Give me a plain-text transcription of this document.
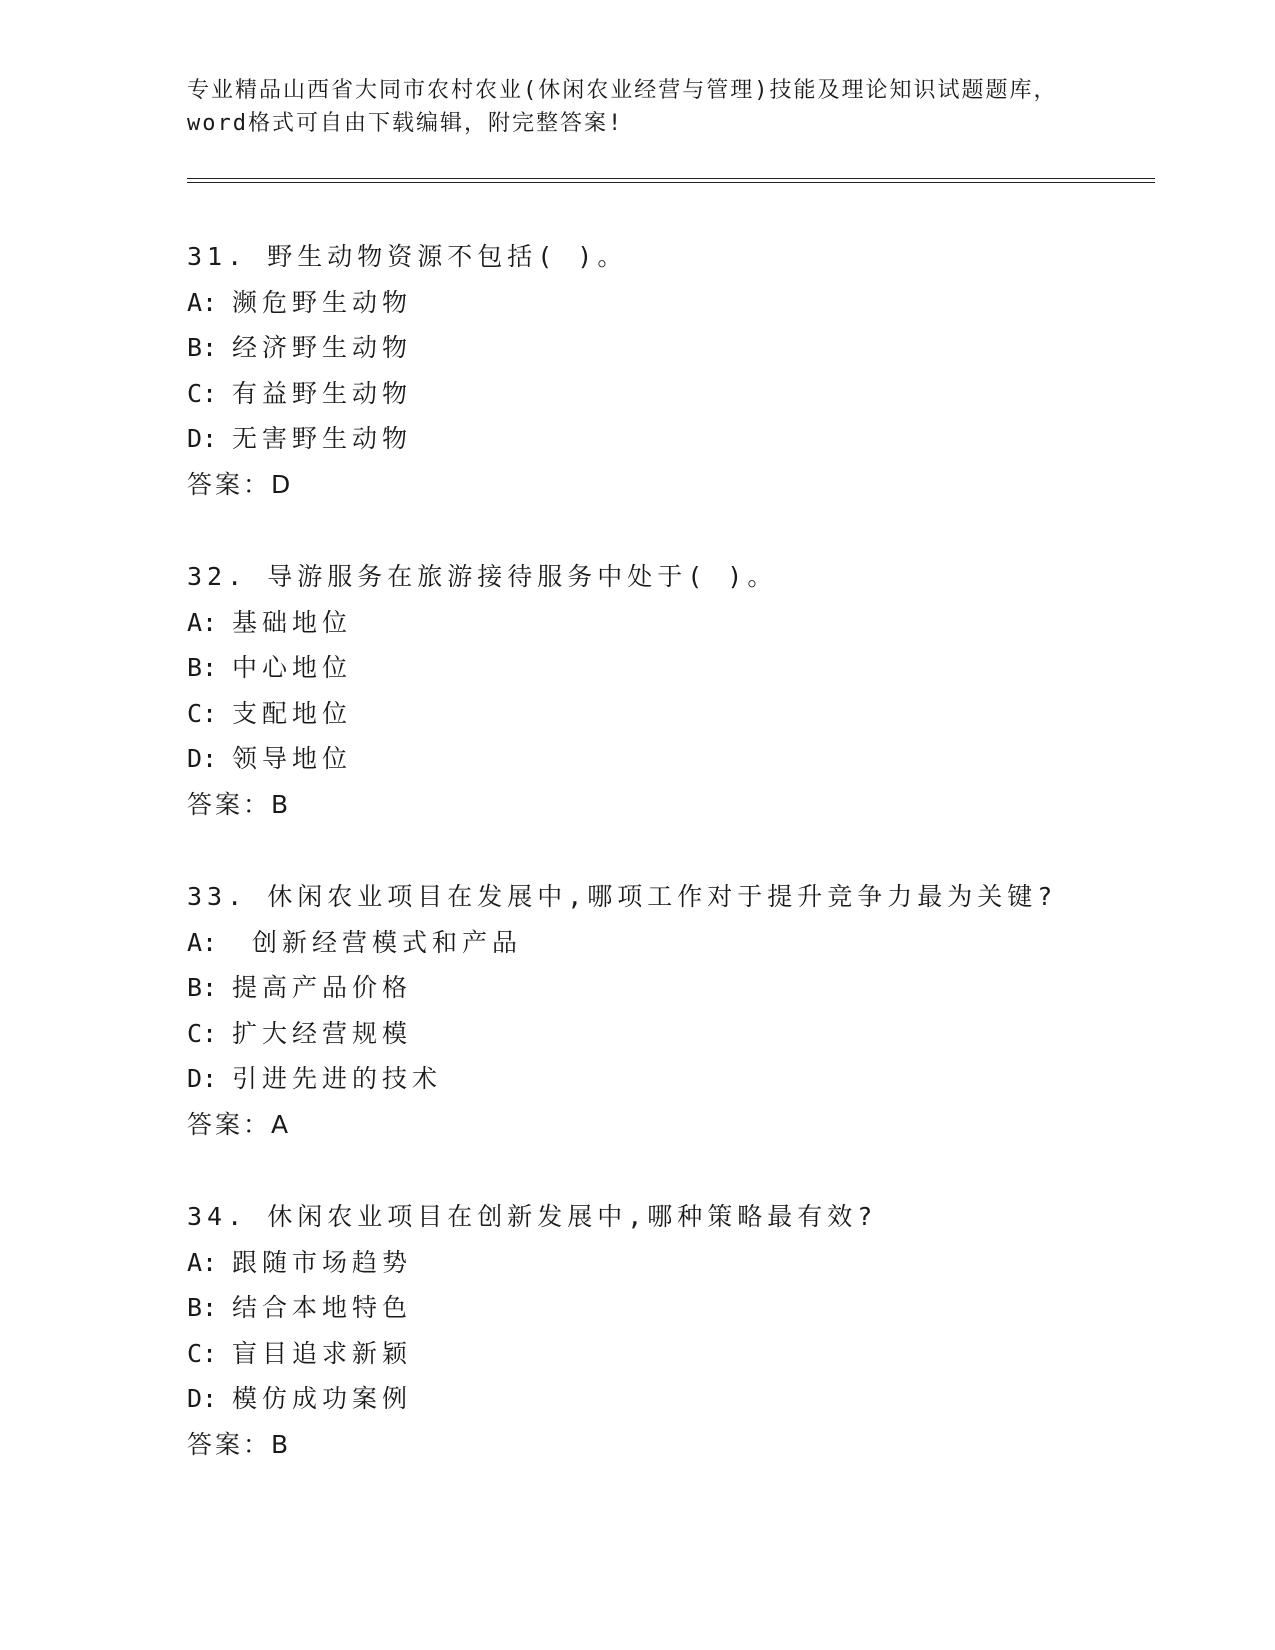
专业精品山西省大同市农村农业(休闲农业经营与管理)技能及理论知识试题题库，
word格式可自由下载编辑，附完整答案!
31. 野生动物资源不包括( )。
A: 濒危野生动物
B: 经济野生动物
C: 有益野生动物
D: 无害野生动物
答案：D
32. 导游服务在旅游接待服务中处于( )。
A: 基础地位
B: 中心地位
C: 支配地位
D: 领导地位
答案：B
33. 休闲农业项目在发展中,哪项工作对于提升竞争力最为关键?
A: 创新经营模式和产品
B: 提高产品价格
C: 扩大经营规模
D: 引进先进的技术
答案：A
34. 休闲农业项目在创新发展中,哪种策略最有效?
A: 跟随市场趋势
B: 结合本地特色
C: 盲目追求新颖
D: 模仿成功案例
答案：B
